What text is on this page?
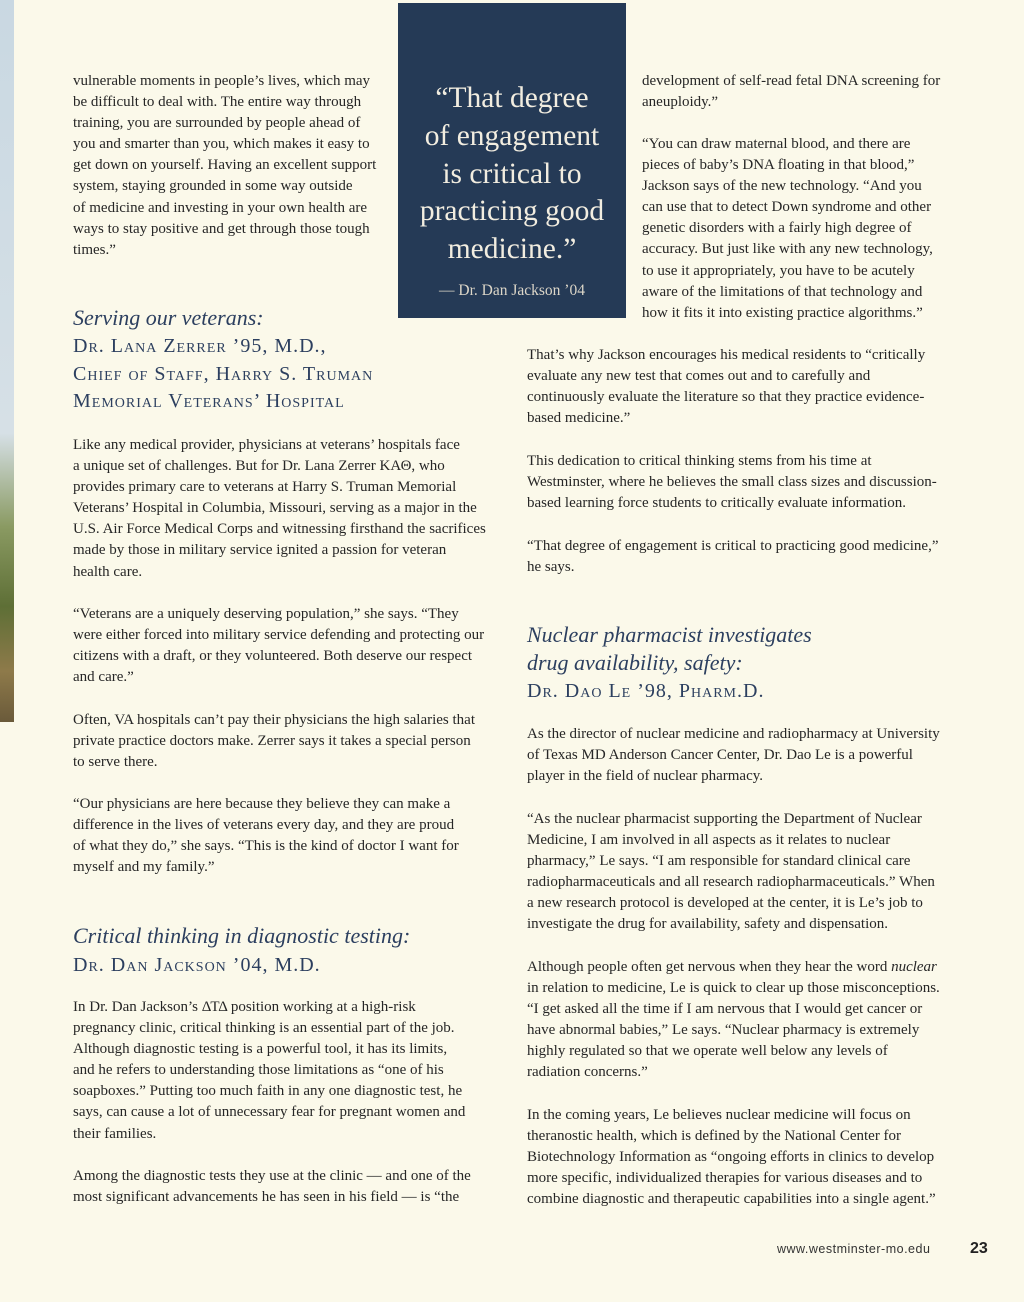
“That degree
of engagement
is critical to
practicing good
medicine.”
— Dr. Dan Jackson ’04
vulnerable moments in people’s lives, which may
be difficult to deal with. The entire way through
training, you are surrounded by people ahead of
you and smarter than you, which makes it easy to
get down on yourself. Having an excellent support
system, staying grounded in some way outside
of medicine and investing in your own health are
ways to stay positive and get through those tough
times.”
Serving our veterans:
Dr. Lana Zerrer ’95, M.D.,
Chief of Staff, Harry S. Truman
Memorial Veterans’ Hospital
Like any medical provider, physicians at veterans’ hospitals face
a unique set of challenges. But for Dr. Lana Zerrer KΑΘ, who
provides primary care to veterans at Harry S. Truman Memorial
Veterans’ Hospital in Columbia, Missouri, serving as a major in the
U.S. Air Force Medical Corps and witnessing firsthand the sacrifices
made by those in military service ignited a passion for veteran
health care.
“Veterans are a uniquely deserving population,” she says. “They
were either forced into military service defending and protecting our
citizens with a draft, or they volunteered. Both deserve our respect
and care.”
Often, VA hospitals can’t pay their physicians the high salaries that
private practice doctors make. Zerrer says it takes a special person
to serve there.
“Our physicians are here because they believe they can make a
difference in the lives of veterans every day, and they are proud
of what they do,” she says. “This is the kind of doctor I want for
myself and my family.”
Critical thinking in diagnostic testing:
Dr. Dan Jackson ’04, M.D.
In Dr. Dan Jackson’s ΔΤΔ position working at a high-risk
pregnancy clinic, critical thinking is an essential part of the job.
Although diagnostic testing is a powerful tool, it has its limits,
and he refers to understanding those limitations as “one of his
soapboxes.” Putting too much faith in any one diagnostic test, he
says, can cause a lot of unnecessary fear for pregnant women and
their families.
Among the diagnostic tests they use at the clinic — and one of the
most significant advancements he has seen in his field — is “the
development of self-read fetal DNA screening for
aneuploidy.”
“You can draw maternal blood, and there are
pieces of baby’s DNA floating in that blood,”
Jackson says of the new technology. “And you
can use that to detect Down syndrome and other
genetic disorders with a fairly high degree of
accuracy. But just like with any new technology,
to use it appropriately, you have to be acutely
aware of the limitations of that technology and
how it fits it into existing practice algorithms.”
That’s why Jackson encourages his medical residents to “critically
evaluate any new test that comes out and to carefully and
continuously evaluate the literature so that they practice evidence-
based medicine.”
This dedication to critical thinking stems from his time at
Westminster, where he believes the small class sizes and discussion-
based learning force students to critically evaluate information.
“That degree of engagement is critical to practicing good medicine,”
he says.
Nuclear pharmacist investigates
drug availability, safety:
Dr. Dao Le ’98, Pharm.D.
As the director of nuclear medicine and radiopharmacy at University
of Texas MD Anderson Cancer Center, Dr. Dao Le is a powerful
player in the field of nuclear pharmacy.
“As the nuclear pharmacist supporting the Department of Nuclear
Medicine, I am involved in all aspects as it relates to nuclear
pharmacy,” Le says. “I am responsible for standard clinical care
radiopharmaceuticals and all research radiopharmaceuticals.” When
a new research protocol is developed at the center, it is Le’s job to
investigate the drug for availability, safety and dispensation.
Although people often get nervous when they hear the word nuclear
in relation to medicine, Le is quick to clear up those misconceptions.
“I get asked all the time if I am nervous that I would get cancer or
have abnormal babies,” Le says. “Nuclear pharmacy is extremely
highly regulated so that we operate well below any levels of
radiation concerns.”
In the coming years, Le believes nuclear medicine will focus on
theranostic health, which is defined by the National Center for
Biotechnology Information as “ongoing efforts in clinics to develop
more specific, individualized therapies for various diseases and to
combine diagnostic and therapeutic capabilities into a single agent.”
www.westminster-mo.edu 23
